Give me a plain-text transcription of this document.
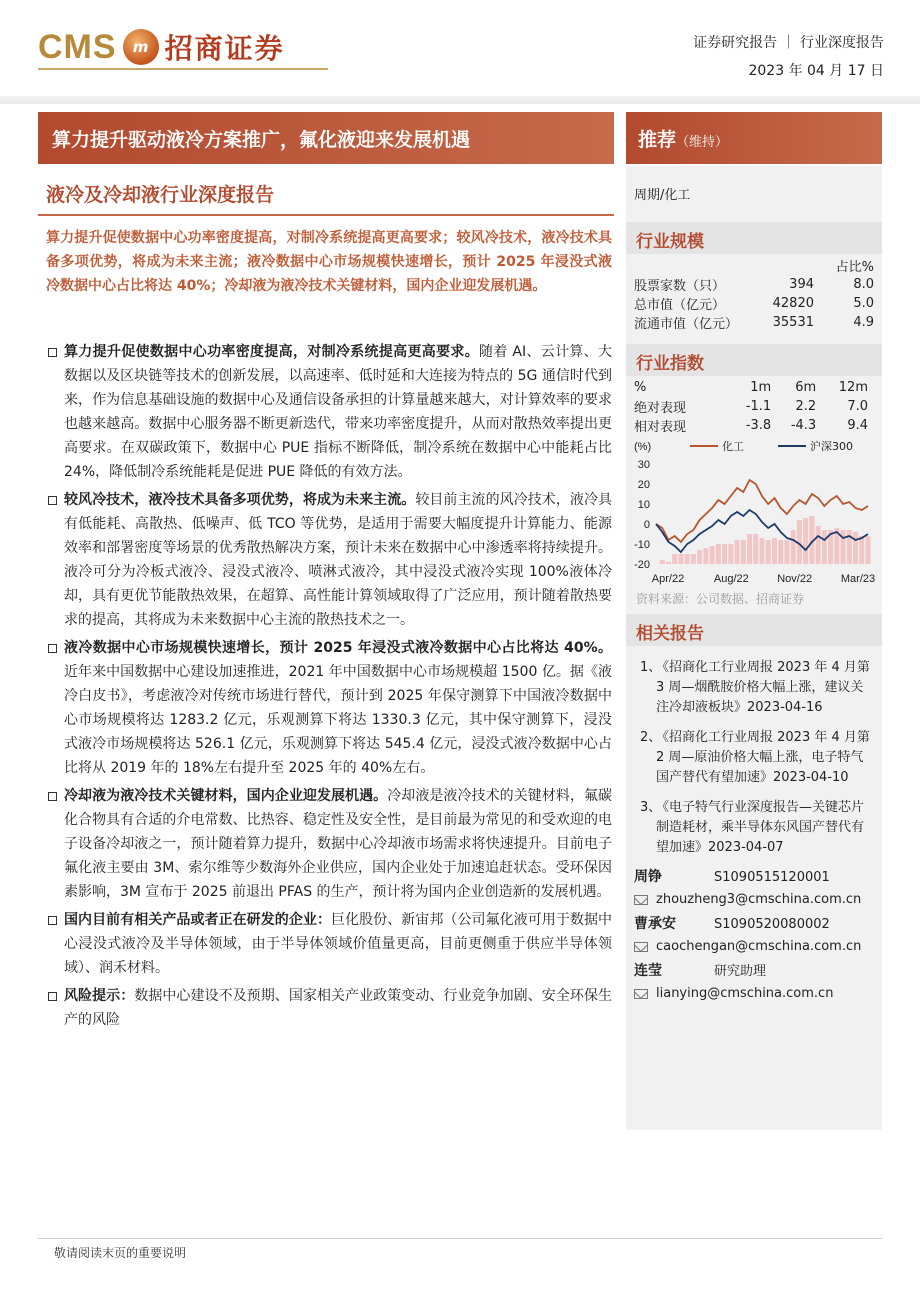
CMS	m 招商证券	证券研究报告 ｜ 行业深度报告
2023 年 04 月 17 日
算力提升驱动液冷方案推广，氟化液迎来发展机遇	推荐（维持）
液冷及冷却液行业深度报告
算力提升促使数据中心功率密度提高，对制冷系统提高更高要求；较风冷技术，液冷技术具备多项优势，将成为未来主流；液冷数据中心市场规模快速增长，预计 2025 年浸没式液冷数据中心占比将达 40%；冷却液为液冷技术关键材料，国内企业迎发展机遇。
算力提升促使数据中心功率密度提高，对制冷系统提高更高要求。随着 AI、云计算、大数据以及区块链等技术的创新发展，以高速率、低时延和大连接为特点的 5G 通信时代到来，作为信息基础设施的数据中心及通信设备承担的计算量越来越大，对计算效率的要求也越来越高。数据中心服务器不断更新迭代，带来功率密度提升，从而对散热效率提出更高要求。在双碳政策下，数据中心 PUE 指标不断降低，制冷系统在数据中心中能耗占比 24%，降低制冷系统能耗是促进 PUE 降低的有效方法。
较风冷技术，液冷技术具备多项优势，将成为未来主流。较目前主流的风冷技术，液冷具有低能耗、高散热、低噪声、低 TCO 等优势，是适用于需要大幅度提升计算能力、能源效率和部署密度等场景的优秀散热解决方案，预计未来在数据中心中渗透率将持续提升。液冷可分为冷板式液冷、浸没式液冷、喷淋式液冷，其中浸没式液冷实现 100%液体冷却，具有更优节能散热效果，在超算、高性能计算领域取得了广泛应用，预计随着散热要求的提高，其将成为未来数据中心主流的散热技术之一。
液冷数据中心市场规模快速增长，预计 2025 年浸没式液冷数据中心占比将达 40%。近年来中国数据中心建设加速推进，2021 年中国数据中心市场规模超 1500 亿。据《液冷白皮书》，考虑液冷对传统市场进行替代，预计到 2025 年保守测算下中国液冷数据中心市场规模将达 1283.2 亿元，乐观测算下将达 1330.3 亿元，其中保守测算下，浸没式液冷市场规模将达 526.1 亿元，乐观测算下将达 545.4 亿元，浸没式液冷数据中心占比将从 2019 年的 18%左右提升至 2025 年的 40%左右。
冷却液为液冷技术关键材料，国内企业迎发展机遇。冷却液是液冷技术的关键材料，氟碳化合物具有合适的介电常数、比热容、稳定性及安全性，是目前最为常见的和受欢迎的电子设备冷却液之一，预计随着算力提升，数据中心冷却液市场需求将快速提升。目前电子氟化液主要由 3M、索尔维等少数海外企业供应，国内企业处于加速追赶状态。受环保因素影响，3M 宣布于 2025 前退出 PFAS 的生产，预计将为国内企业创造新的发展机遇。
国内目前有相关产品或者正在研发的企业：巨化股份、新宙邦（公司氟化液可用于数据中心浸没式液冷及半导体领域，由于半导体领域价值量更高，目前更侧重于供应半导体领域）、润禾材料。
风险提示：数据中心建设不及预期、国家相关产业政策变动、行业竞争加剧、安全环保生产的风险
周期/化工
行业规模
		占比%
股票家数（只）	394	8.0
总市值（亿元）	42820	5.0
流通市值（亿元）	35531	4.9
行业指数
%	1m	6m	12m
绝对表现	-1.1	2.2	7.0
相对表现	-3.8	-4.3	9.4
(%)
30
20
10
0
-10
-20
Apr/22	Aug/22	Nov/22	Mar/23
化工	沪深300
资料来源：公司数据、招商证券
相关报告
1、
《招商化工行业周报 2023 年 4 月第 3 周—烟酰胺价格大幅上涨，建议关注冷却液板块》2023-04-16
2、
《招商化工行业周报 2023 年 4 月第 2 周—原油价格大幅上涨，电子特气国产替代有望加速》2023-04-10
3、
《电子特气行业深度报告—关键芯片制造耗材，乘半导体东风国产替代有望加速》2023-04-07
周铮	S1090515120001
zhouzheng3@cmschina.com.cn
曹承安	S1090520080002
caochengan@cmschina.com.cn
连莹	研究助理
lianying@cmschina.com.cn
敬请阅读末页的重要说明
